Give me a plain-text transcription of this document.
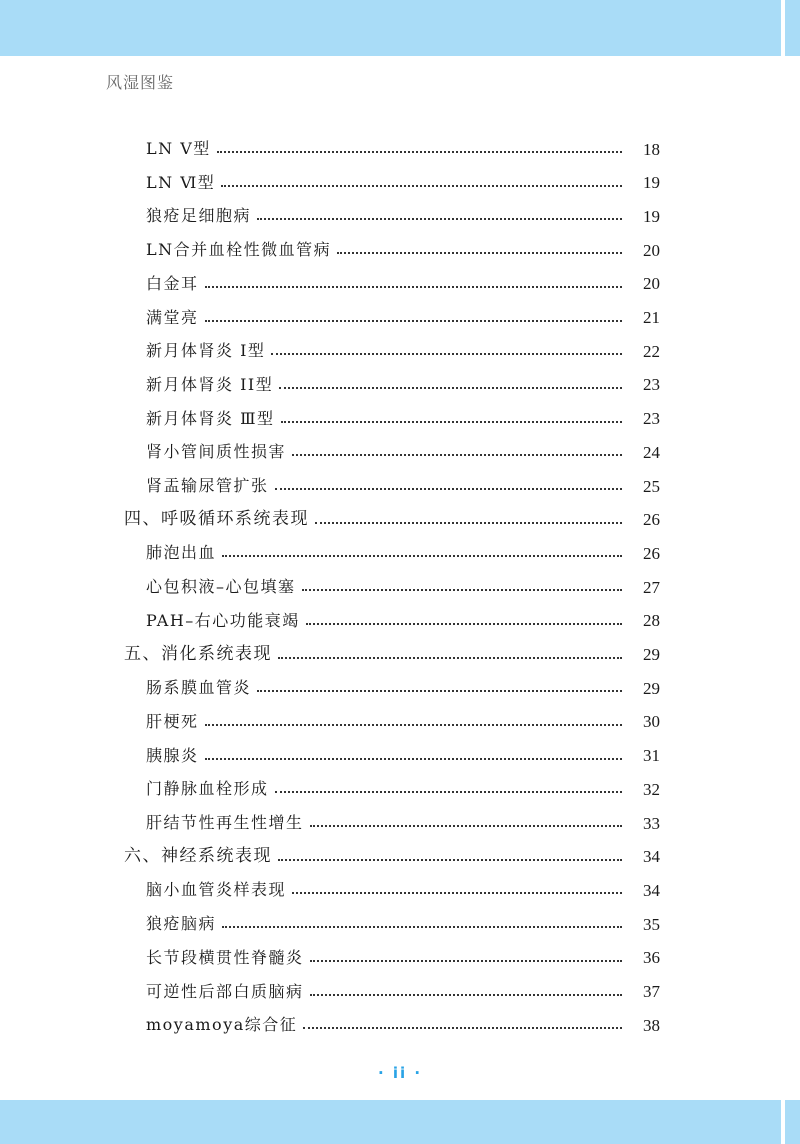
风湿图鉴
LN V型	18
LN Ⅵ型	19
狼疮足细胞病	19
LN合并血栓性微血管病	20
白金耳	20
满堂亮	21
新月体肾炎 I型	22
新月体肾炎 II型	23
新月体肾炎 Ⅲ型	23
肾小管间质性损害	24
肾盂输尿管扩张	25
四、呼吸循环系统表现	26
肺泡出血	26
心包积液–心包填塞	27
PAH–右心功能衰竭	28
五、消化系统表现	29
肠系膜血管炎	29
肝梗死	30
胰腺炎	31
门静脉血栓形成	32
肝结节性再生性增生	33
六、神经系统表现	34
脑小血管炎样表现	34
狼疮脑病	35
长节段横贯性脊髓炎	36
可逆性后部白质脑病	37
moyamoya综合征	38
· ii ·
